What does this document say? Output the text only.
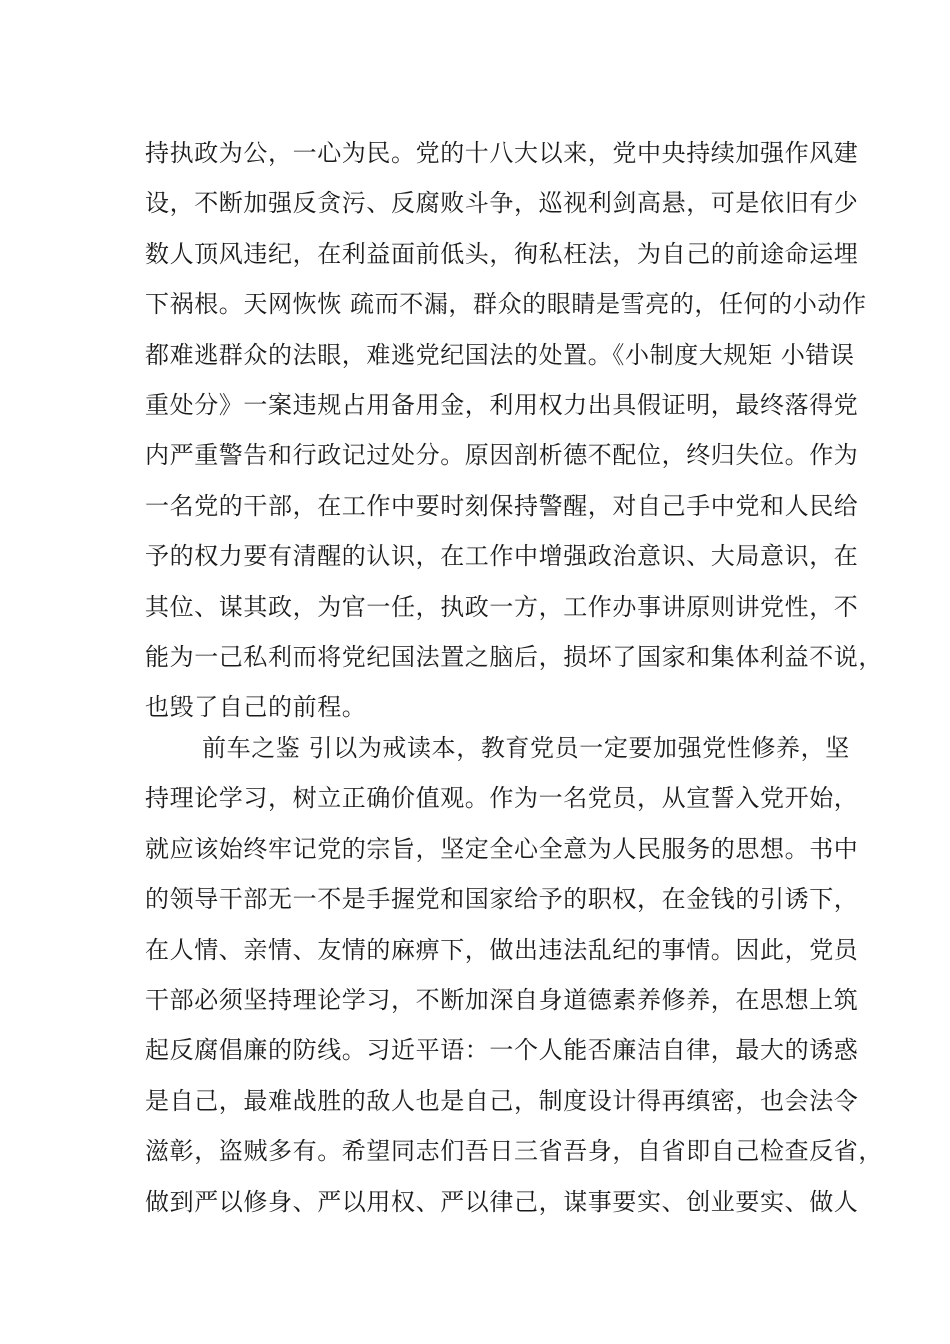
持执政为公，一心为民。党的十八大以来，党中央持续加强作风建
设，不断加强反贪污、反腐败斗争，巡视利剑高悬，可是依旧有少
数人顶风违纪，在利益面前低头，徇私枉法，为自己的前途命运埋
下祸根。天网恢恢 疏而不漏，群众的眼睛是雪亮的，任何的小动作
都难逃群众的法眼，难逃党纪国法的处置。《小制度大规矩 小错误
重处分》一案违规占用备用金，利用权力出具假证明，最终落得党
内严重警告和行政记过处分。原因剖析德不配位，终归失位。作为
一名党的干部，在工作中要时刻保持警醒，对自己手中党和人民给
予的权力要有清醒的认识，在工作中增强政治意识、大局意识，在
其位、谋其政，为官一任，执政一方，工作办事讲原则讲党性，不
能为一己私利而将党纪国法置之脑后，损坏了国家和集体利益不说，
也毁了自己的前程。
前车之鉴 引以为戒读本，教育党员一定要加强党性修养，坚
持理论学习，树立正确价值观。作为一名党员，从宣誓入党开始，
就应该始终牢记党的宗旨，坚定全心全意为人民服务的思想。书中
的领导干部无一不是手握党和国家给予的职权，在金钱的引诱下，
在人情、亲情、友情的麻痹下，做出违法乱纪的事情。因此，党员
干部必须坚持理论学习，不断加深自身道德素养修养，在思想上筑
起反腐倡廉的防线。习近平语：一个人能否廉洁自律，最大的诱惑
是自己，最难战胜的敌人也是自己，制度设计得再缜密，也会法令
滋彰，盗贼多有。希望同志们吾日三省吾身，自省即自己检查反省，
做到严以修身、严以用权、严以律己，谋事要实、创业要实、做人
